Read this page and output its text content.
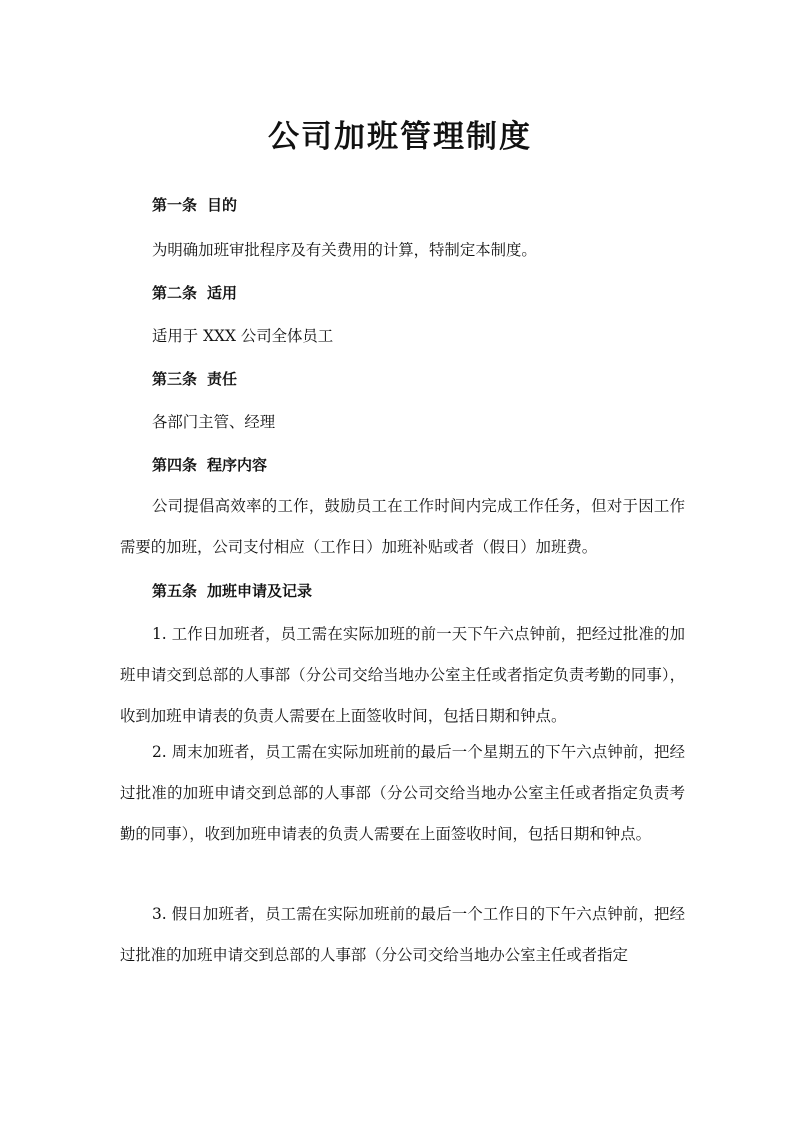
公司加班管理制度
第一条 目的

为明确加班审批程序及有关费用的计算，特制定本制度。

第二条 适用

适用于 XXX 公司全体员工

第三条 责任

各部门主管、经理

第四条 程序内容

公司提倡高效率的工作，鼓励员工在工作时间内完成工作任务，但对于因工作需要的加班，公司支付相应（工作日）加班补贴或者（假日）加班费。

第五条 加班申请及记录

1. 工作日加班者，员工需在实际加班的前一天下午六点钟前，把经过批准的加班申请交到总部的人事部（分公司交给当地办公室主任或者指定负责考勤的同事），收到加班申请表的负责人需要在上面签收时间，包括日期和钟点。

2. 周末加班者，员工需在实际加班前的最后一个星期五的下午六点钟前，把经过批准的加班申请交到总部的人事部（分公司交给当地办公室主任或者指定负责考勤的同事），收到加班申请表的负责人需要在上面签收时间，包括日期和钟点。

3. 假日加班者，员工需在实际加班前的最后一个工作日的下午六点钟前，把经过批准的加班申请交到总部的人事部（分公司交给当地办公室主任或者指定
